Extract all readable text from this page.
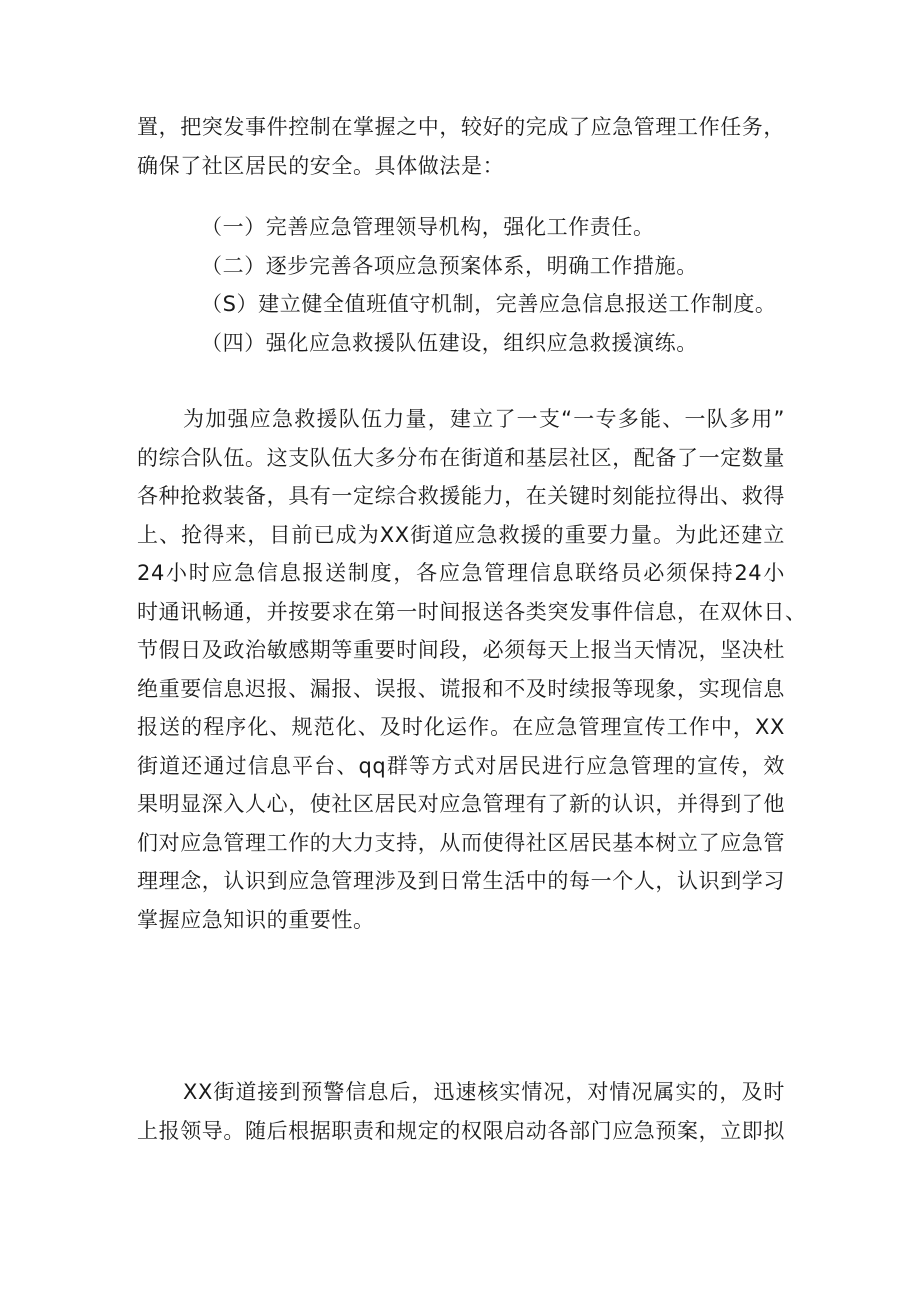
置，把突发事件控制在掌握之中，较好的完成了应急管理工作任务，
确保了社区居民的安全。具体做法是：
（一）完善应急管理领导机构，强化工作责任。
（二）逐步完善各项应急预案体系，明确工作措施。
（S）建立健全值班值守机制，完善应急信息报送工作制度。
（四）强化应急救援队伍建设，组织应急救援演练。
为加强应急救援队伍力量，建立了一支“一专多能、一队多用”
的综合队伍。这支队伍大多分布在街道和基层社区，配备了一定数量
各种抢救装备，具有一定综合救援能力，在关键时刻能拉得出、救得
上、抢得来，目前已成为XX街道应急救援的重要力量。为此还建立
24小时应急信息报送制度，各应急管理信息联络员必须保持24小
时通讯畅通，并按要求在第一时间报送各类突发事件信息，在双休日、
节假日及政治敏感期等重要时间段，必须每天上报当天情况，坚决杜
绝重要信息迟报、漏报、误报、谎报和不及时续报等现象，实现信息
报送的程序化、规范化、及时化运作。在应急管理宣传工作中，XX
街道还通过信息平台、qq群等方式对居民进行应急管理的宣传，效
果明显深入人心，使社区居民对应急管理有了新的认识，并得到了他
们对应急管理工作的大力支持，从而使得社区居民基本树立了应急管
理理念，认识到应急管理涉及到日常生活中的每一个人，认识到学习
掌握应急知识的重要性。
XX街道接到预警信息后，迅速核实情况，对情况属实的，及时
上报领导。随后根据职责和规定的权限启动各部门应急预案，立即拟
